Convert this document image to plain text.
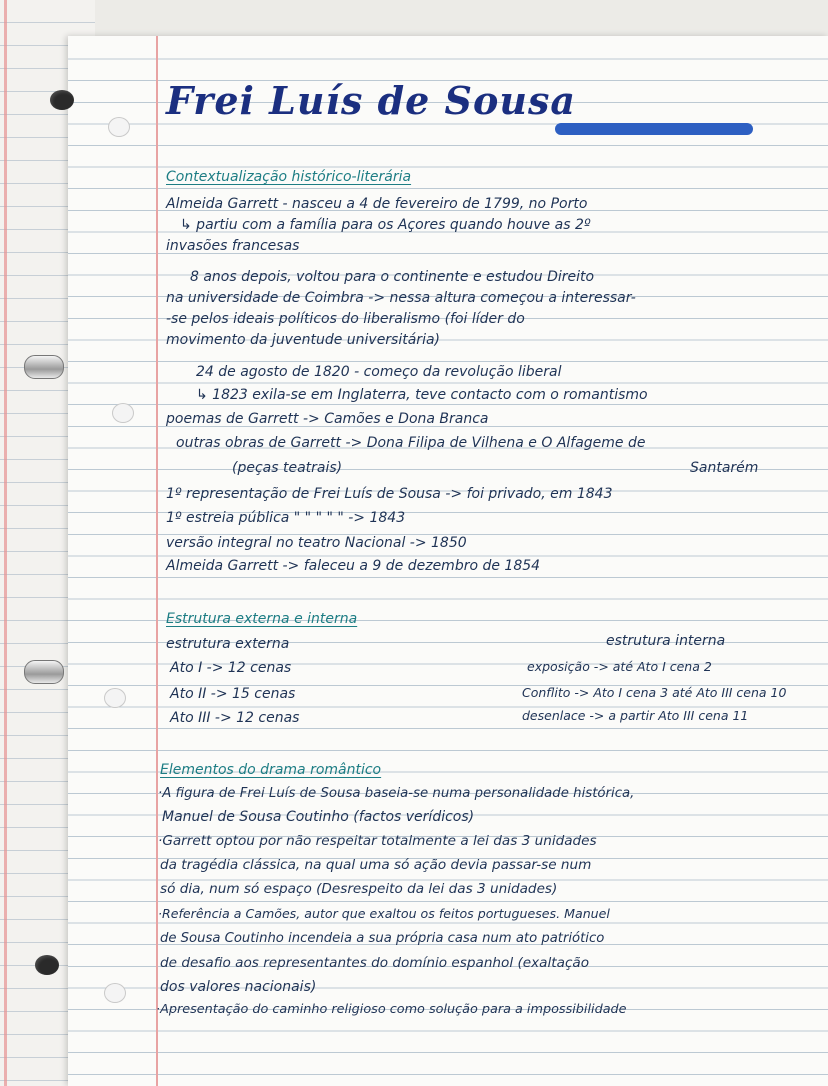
Frei Luís de Sousa

Contextualização histórico-literária

Almeida Garrett - nasceu a 4 de fevereiro de 1799, no Porto

↳ partiu com a família para os Açores quando houve as 2º

invasões francesas

8 anos depois, voltou para o continente e estudou Direito

na universidade de Coimbra -> nessa altura começou a interessar-

-se pelos ideais políticos do liberalismo (foi líder do

movimento da juventude universitária)

24 de agosto de 1820 - começo da revolução liberal

↳ 1823 exila-se em Inglaterra, teve contacto com o romantismo

poemas de Garrett -> Camões e Dona Branca

outras obras de Garrett -> Dona Filipa de Vilhena e O Alfageme de

(peças teatrais)	Santarém

1º representação de Frei Luís de Sousa -> foi privado, em 1843

1º estreia pública " " " " " -> 1843

versão integral no teatro Nacional -> 1850

Almeida Garrett -> faleceu a 9 de dezembro de 1854

Estrutura externa e interna

estrutura externa	estrutura interna

Ato I -> 12 cenas

Ato II -> 15 cenas

Ato III -> 12 cenas

exposição -> até Ato I cena 2

Conflito -> Ato I cena 3 até Ato III cena 10

desenlace -> a partir Ato III cena 11

Elementos do drama romântico

·A figura de Frei Luís de Sousa baseia-se numa personalidade histórica,

Manuel de Sousa Coutinho (factos verídicos)

·Garrett optou por não respeitar totalmente a lei das 3 unidades

da tragédia clássica, na qual uma só ação devia passar-se num

só dia, num só espaço (Desrespeito da lei das 3 unidades)

·Referência a Camões, autor que exaltou os feitos portugueses. Manuel

de Sousa Coutinho incendeia a sua própria casa num ato patriótico

de desafio aos representantes do domínio espanhol (exaltação

dos valores nacionais)

·Apresentação do caminho religioso como solução para a impossibilidade
